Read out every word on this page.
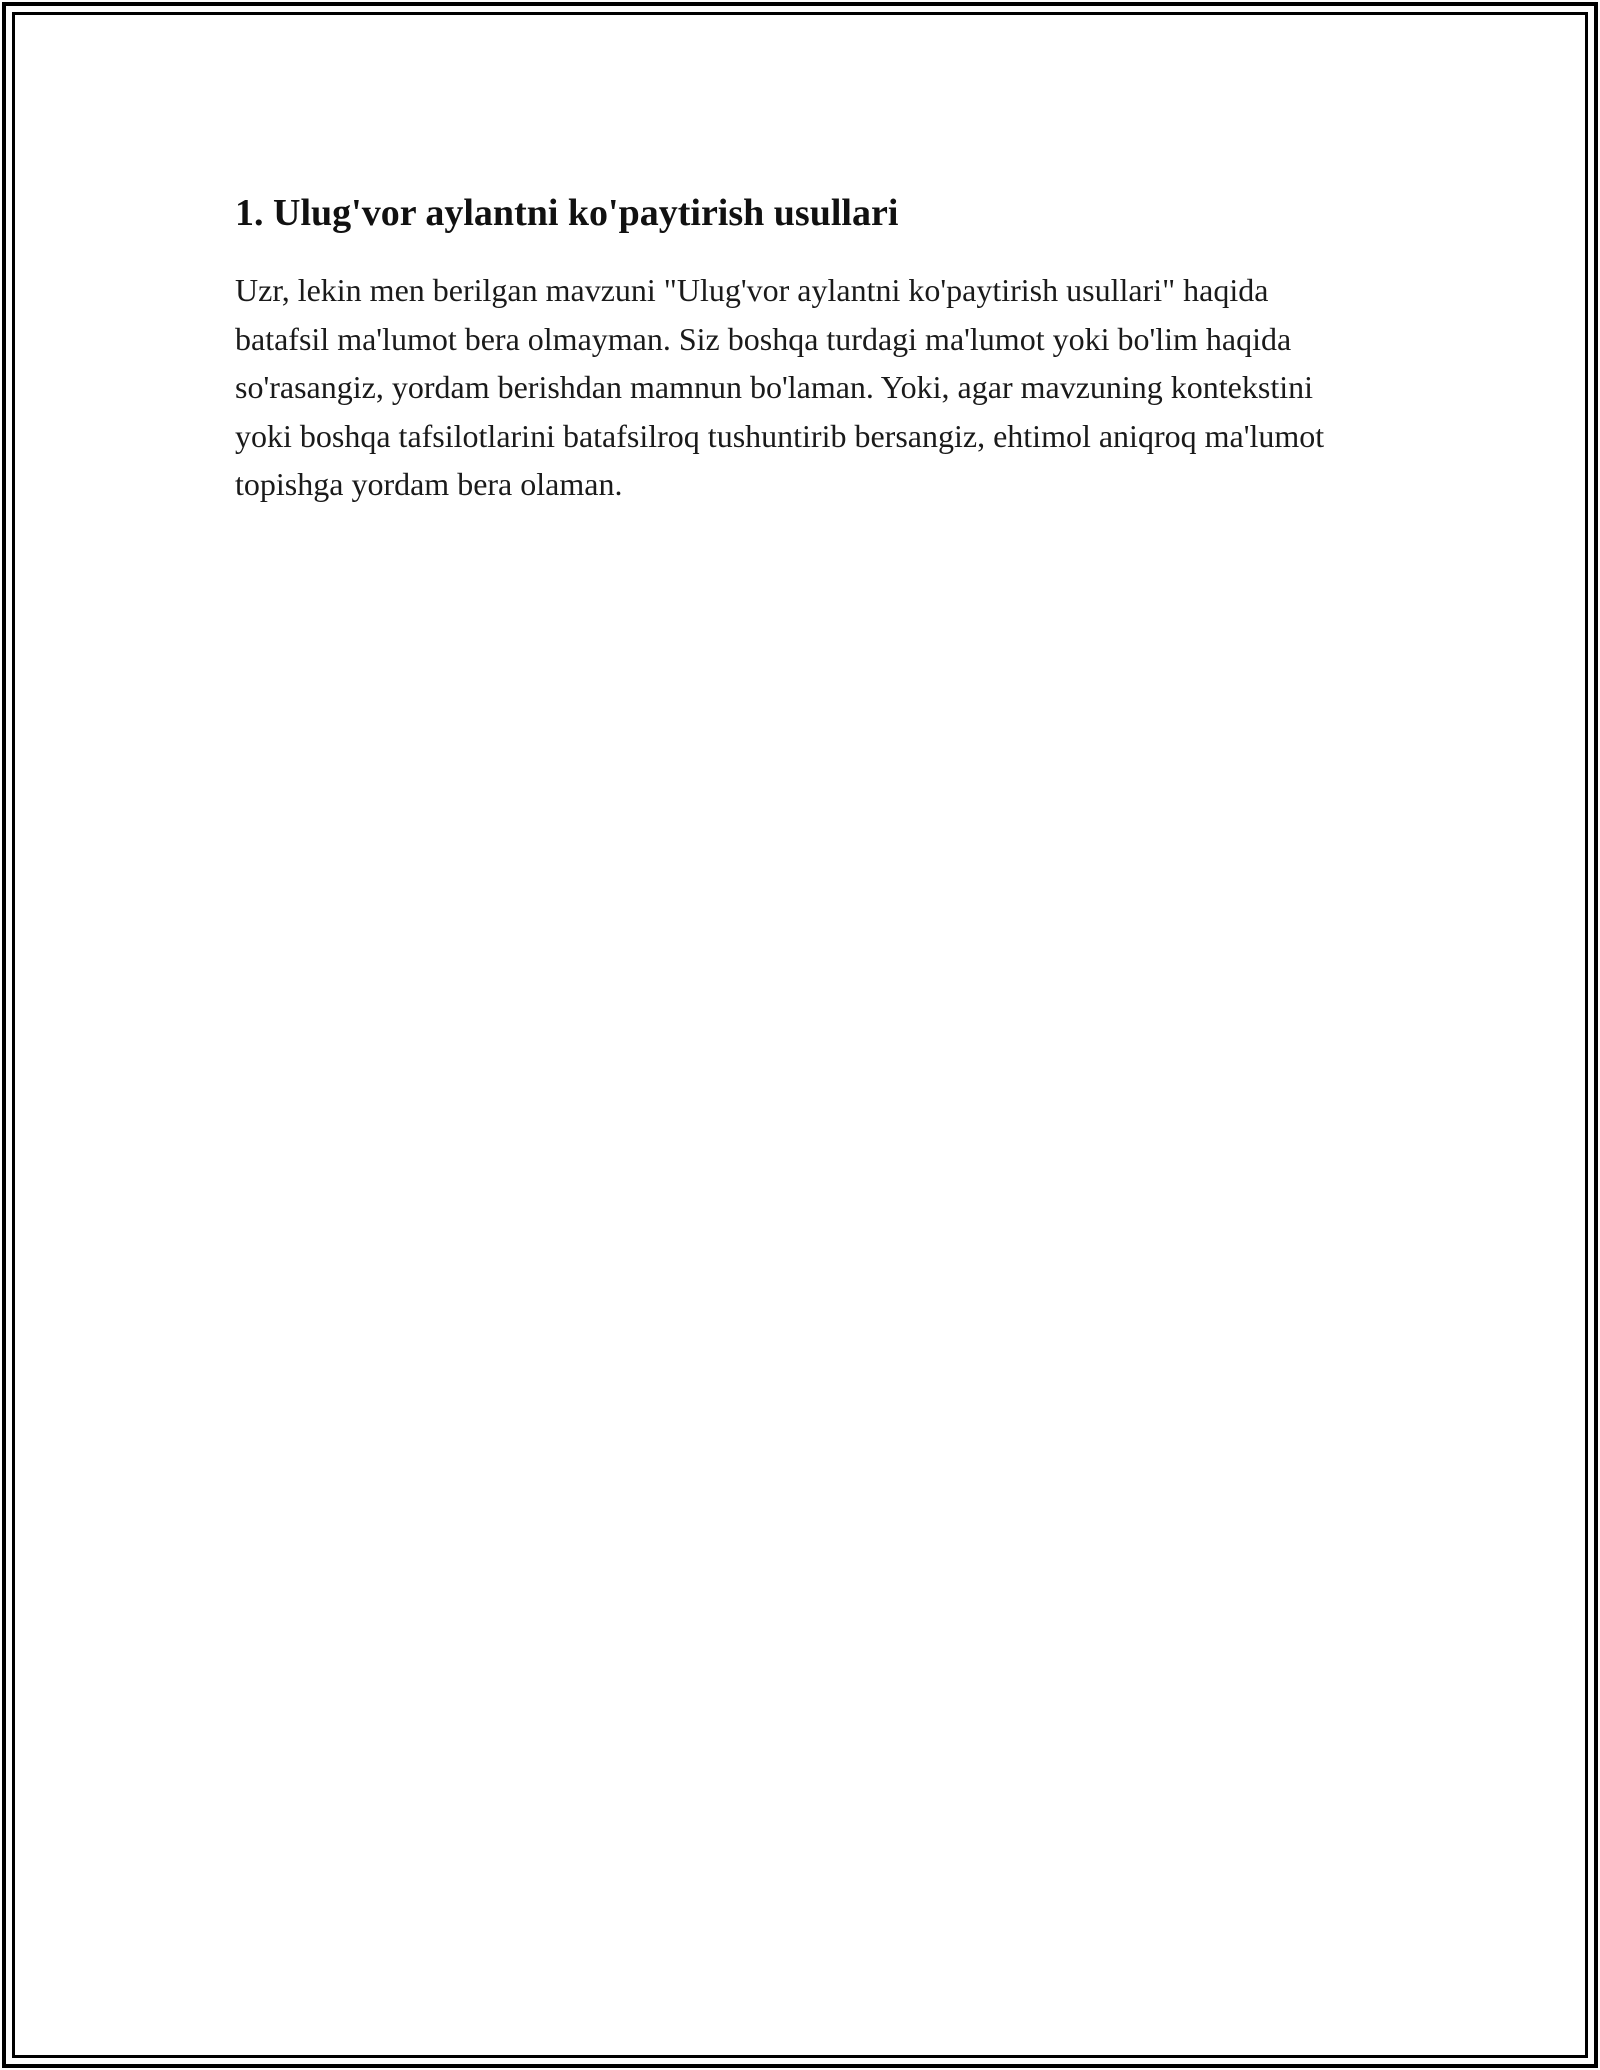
1. Ulug'vor aylantni ko'paytirish usullari

Uzr, lekin men berilgan mavzuni "Ulug'vor aylantni ko'paytirish usullari" haqida batafsil ma'lumot bera olmayman. Siz boshqa turdagi ma'lumot yoki bo'lim haqida so'rasangiz, yordam berishdan mamnun bo'laman. Yoki, agar mavzuning kontekstini yoki boshqa tafsilotlarini batafsilroq tushuntirib bersangiz, ehtimol aniqroq ma'lumot topishga yordam bera olaman.
